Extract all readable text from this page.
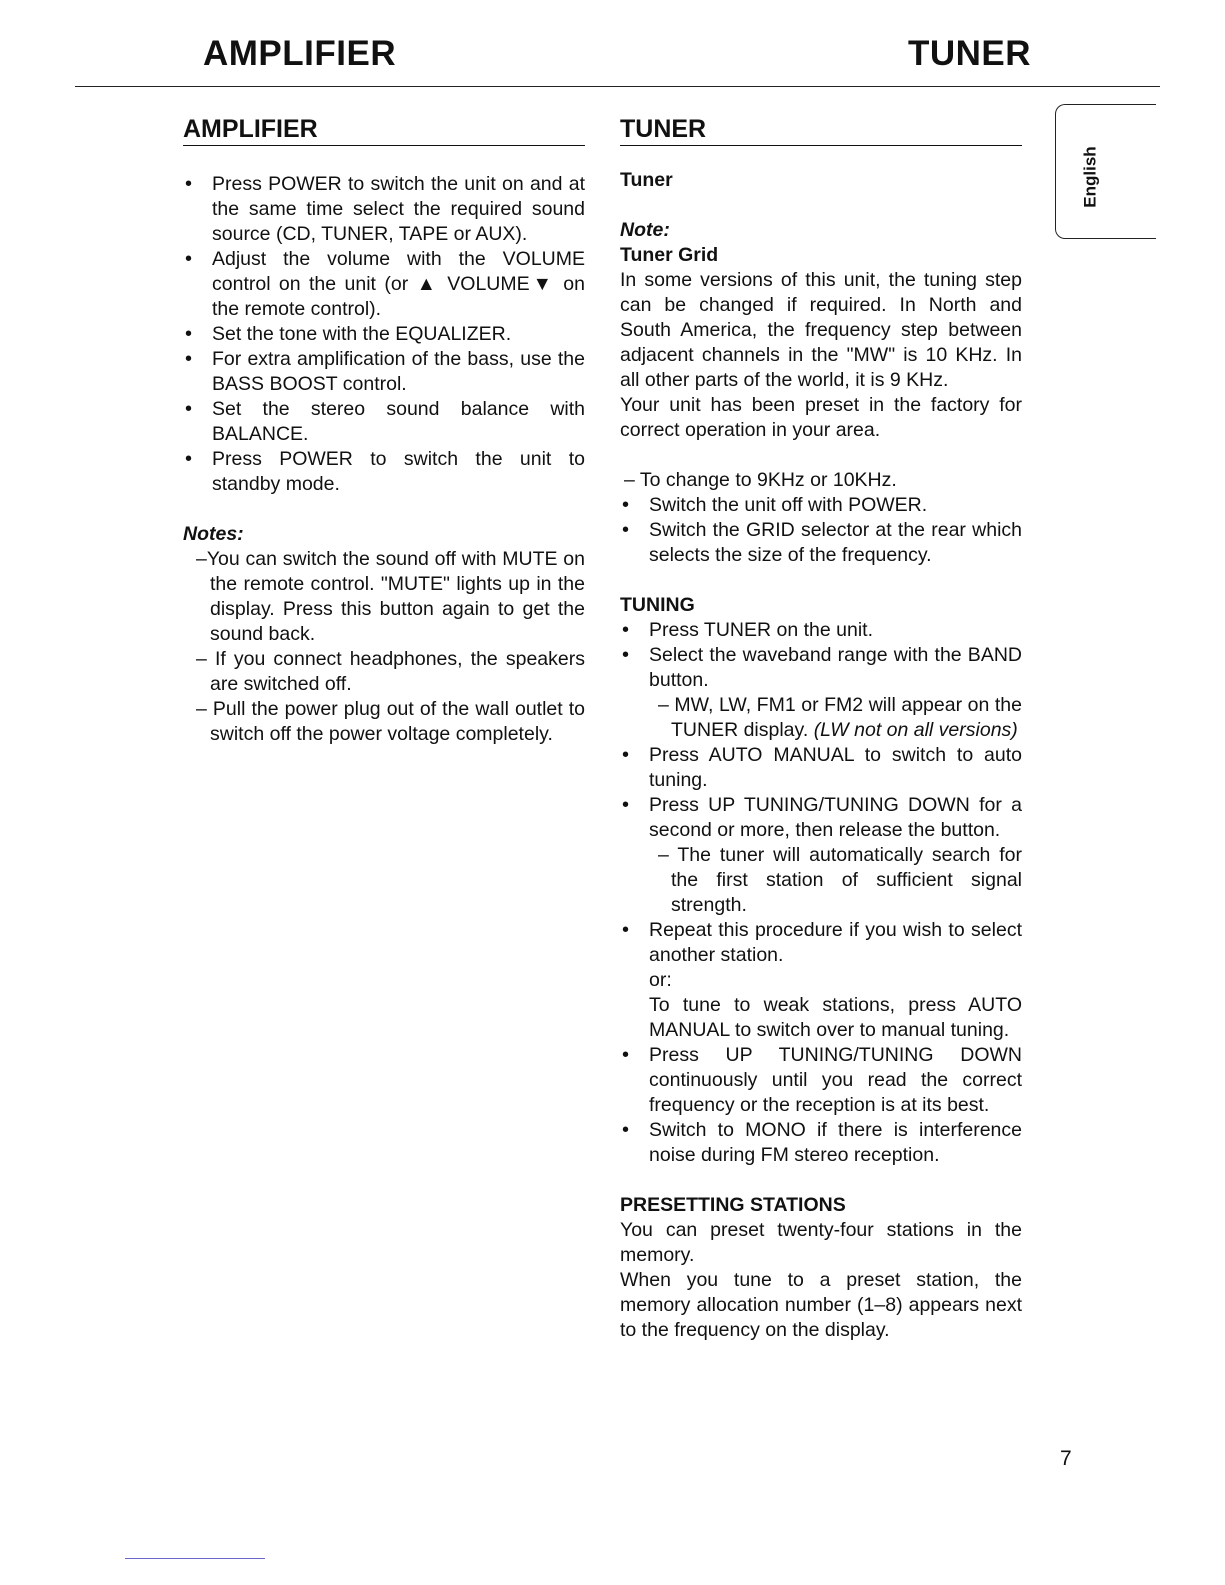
AMPLIFIER	TUNER
English
AMPLIFIER
• Press POWER to switch the unit on and at the same time select the required sound source (CD, TUNER, TAPE or AUX).
• Adjust the volume with the VOLUME control on the unit (or ▲ VOLUME▼ on the remote control).
• Set the tone with the EQUALIZER.
• For extra amplification of the bass, use the BASS BOOST control.
• Set the stereo sound balance with BALANCE.
• Press POWER to switch the unit to standby mode.
Notes:
–You can switch the sound off with MUTE on the remote control. "MUTE" lights up in the display. Press this button again to get the sound back.
– If you connect headphones, the speakers are switched off.
– Pull the power plug out of the wall outlet to switch off the power voltage completely.
TUNER
Tuner
Note:
Tuner Grid

In some versions of this unit, the tuning step can be changed if required. In North and South America, the frequency step between adjacent channels in the "MW" is 10 KHz. In all other parts of the world, it is 9 KHz.

Your unit has been preset in the factory for correct operation in your area.

– To change to 9KHz or 10KHz.
• Switch the unit off with POWER.
• Switch the GRID selector at the rear which selects the size of the frequency.
TUNING
• Press TUNER on the unit.
• Select the waveband range with the BAND button.
– MW, LW, FM1 or FM2 will appear on the TUNER display. (LW not on all versions)
• Press AUTO MANUAL to switch to auto tuning.
• Press UP TUNING/TUNING DOWN for a second or more, then release the button.
– The tuner will automatically search for the first station of sufficient signal strength.
• Repeat this procedure if you wish to select another station.
or:
To tune to weak stations, press AUTO MANUAL to switch over to manual tuning.
• Press UP TUNING/TUNING DOWN continuously until you read the correct frequency or the reception is at its best.
• Switch to MONO if there is interference noise during FM stereo reception.
PRESETTING STATIONS

You can preset twenty-four stations in the memory.

When you tune to a preset station, the memory allocation number (1–8) appears next to the frequency on the display.

7
